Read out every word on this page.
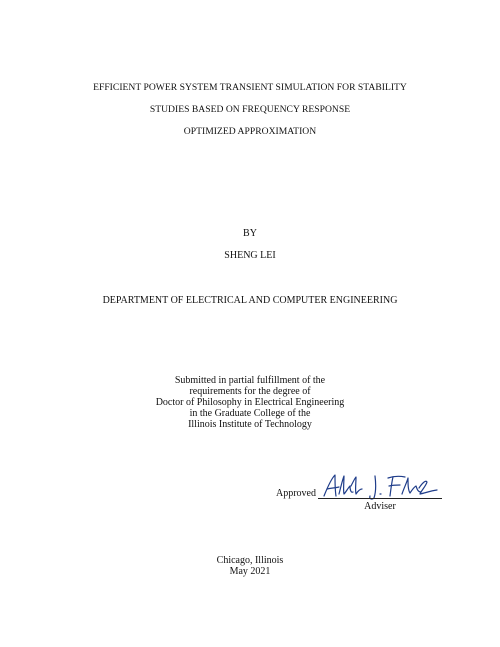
EFFICIENT POWER SYSTEM TRANSIENT SIMULATION FOR STABILITY
STUDIES BASED ON FREQUENCY RESPONSE
OPTIMIZED APPROXIMATION
BY
SHENG LEI
DEPARTMENT OF ELECTRICAL AND COMPUTER ENGINEERING
Submitted in partial fulfillment of the
requirements for the degree of
Doctor of Philosophy in Electrical Engineering
in the Graduate College of the
Illinois Institute of Technology
Approved
Adviser
Chicago, Illinois
May 2021
